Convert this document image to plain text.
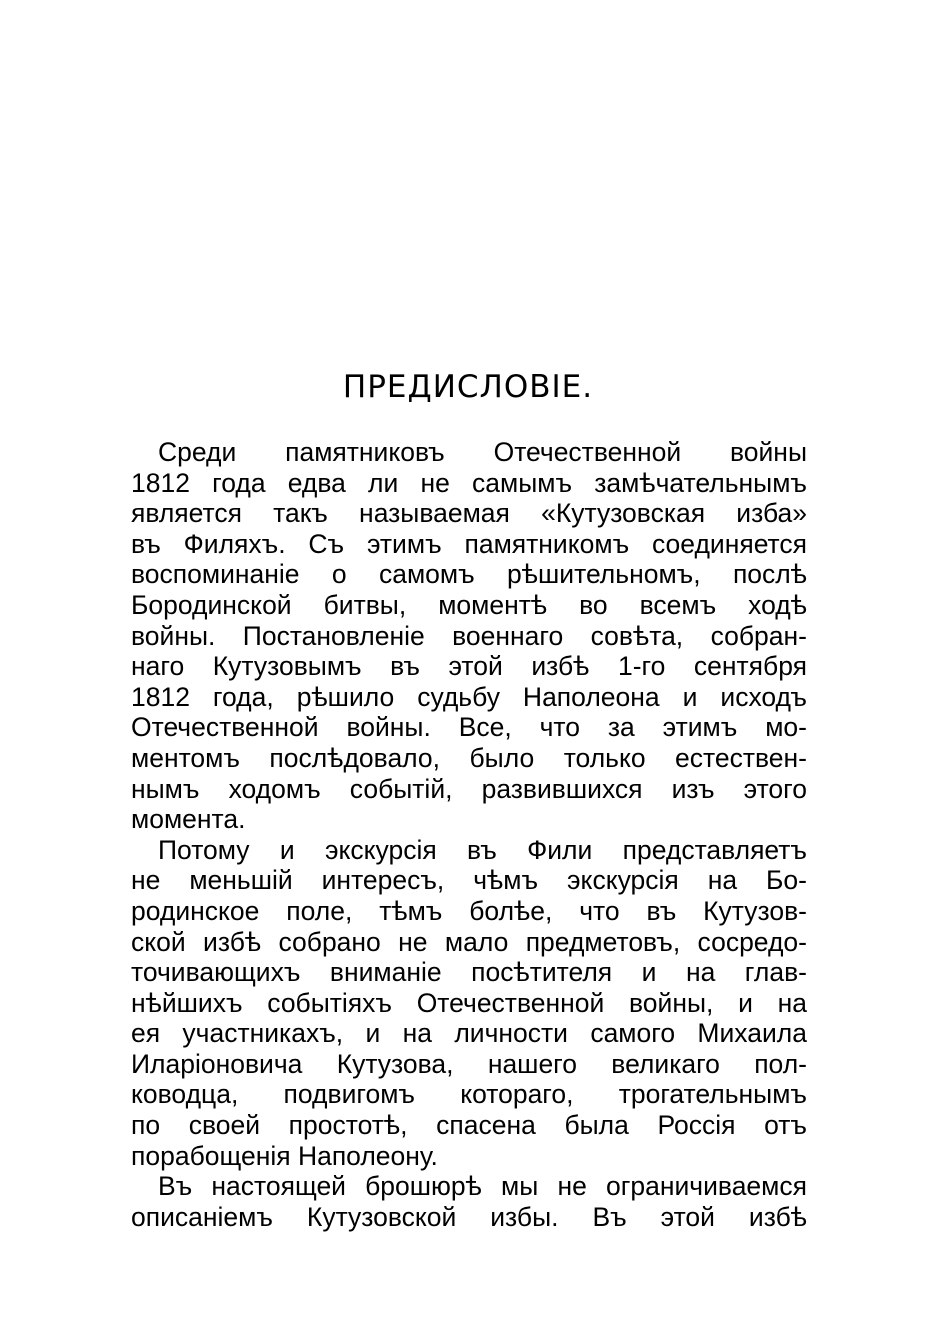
ПРЕДИСЛОВІЕ.
Среди памятниковъ Отечественной войны
1812 года едва ли не самымъ замѣчательнымъ
является такъ называемая «Кутузовская изба»
въ Филяхъ. Съ этимъ памятникомъ соединяется
воспоминаніе о самомъ рѣшительномъ, послѣ
Бородинской битвы, моментѣ во всемъ ходѣ
войны. Постановленіе военнаго совѣта, собран-
наго Кутузовымъ въ этой избѣ 1-го сентября
1812 года, рѣшило судьбу Наполеона и исходъ
Отечественной войны. Все, что за этимъ мо-
ментомъ послѣдовало, было только естествен-
нымъ ходомъ событій, развившихся изъ этого
момента.
Потому и экскурсія въ Фили представляетъ
не меньшій интересъ, чѣмъ экскурсія на Бо-
родинское поле, тѣмъ болѣе, что въ Кутузов-
ской избѣ собрано не мало предметовъ, сосредо-
точивающихъ вниманіе посѣтителя и на глав-
нѣйшихъ событіяхъ Отечественной войны, и на
ея участникахъ, и на личности самого Михаила
Иларіоновича Кутузова, нашего великаго пол-
ководца, подвигомъ котораго, трогательнымъ
по своей простотѣ, спасена была Россія отъ
порабощенія Наполеону.
Въ настоящей брошюрѣ мы не ограничиваемся
описаніемъ Кутузовской избы. Въ этой избѣ
